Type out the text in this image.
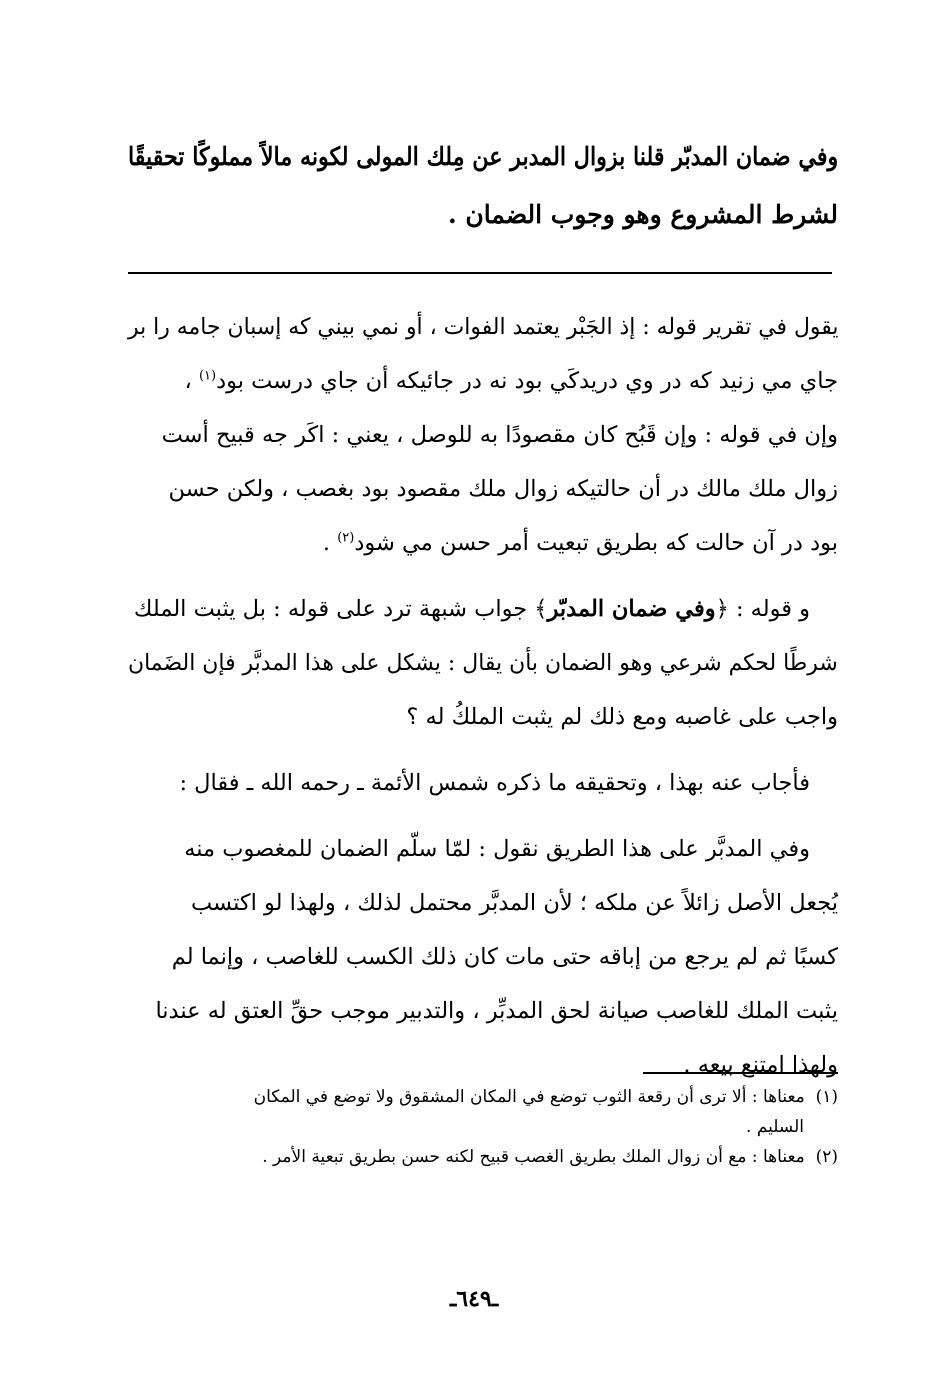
وفي ضمان المدبّر قلنا بزوال المدبر عن مِلك المولى لكونه مالاً مملوكًا تحقيقًا
لشرط المشروع وهو وجوب الضمان .
يقول في تقرير قوله : إذ الجَبْر يعتمد الفوات ، أو نمي بيني كه إسبان جامه را بر
جاي مي زنيد كه در وي دريدكَي بود نه در جائيكه أن جاي درست بود$^{(١)}$ ،
وإن في قوله : وإن قَبُح كان مقصودًا به للوصل ، يعني : اكَر جه قبيح أست
زوال ملك مالك در أن حالتيكه زوال ملك مقصود بود بغصب ، ولكن حسن
بود در آن حالت كه بطريق تبعيت أمر حسن مي شود$^{(٢)}$ .
و قوله : ﴿وفي ضمان المدبّر﴾ جواب شبهة ترد على قوله : بل يثبت الملك
شرطًا لحكم شرعي وهو الضمان بأن يقال : يشكل على هذا المدبَّر فإن الضَمان
واجب على غاصبه ومع ذلك لم يثبت الملكُ له ؟
فأجاب عنه بهذا ، وتحقيقه ما ذكره شمس الأئمة ـ رحمه الله ـ فقال :
وفي المدبَّر على هذا الطريق نقول : لمّا سلّم الضمان للمغصوب منه
يُجعل الأصل زائلاً عن ملكه ؛ لأن المدبَّر محتمل لذلك ، ولهذا لو اكتسب
كسبًا ثم لم يرجع من إباقه حتى مات كان ذلك الكسب للغاصب ، وإنما لم
يثبت الملك للغاصب صيانة لحق المدبِّر ، والتدبير موجب حقِّ العتق له عندنا
ولهذا امتنع بيعه .
(١)  معناها : ألا ترى أن رقعة الثوب توضع في المكان المشقوق ولا توضع في المكان
السليم .
(٢)  معناها : مع أن زوال الملك بطريق الغصب قبيح لكنه حسن بطريق تبعية الأمر .
ـ٦٤٩ـ
